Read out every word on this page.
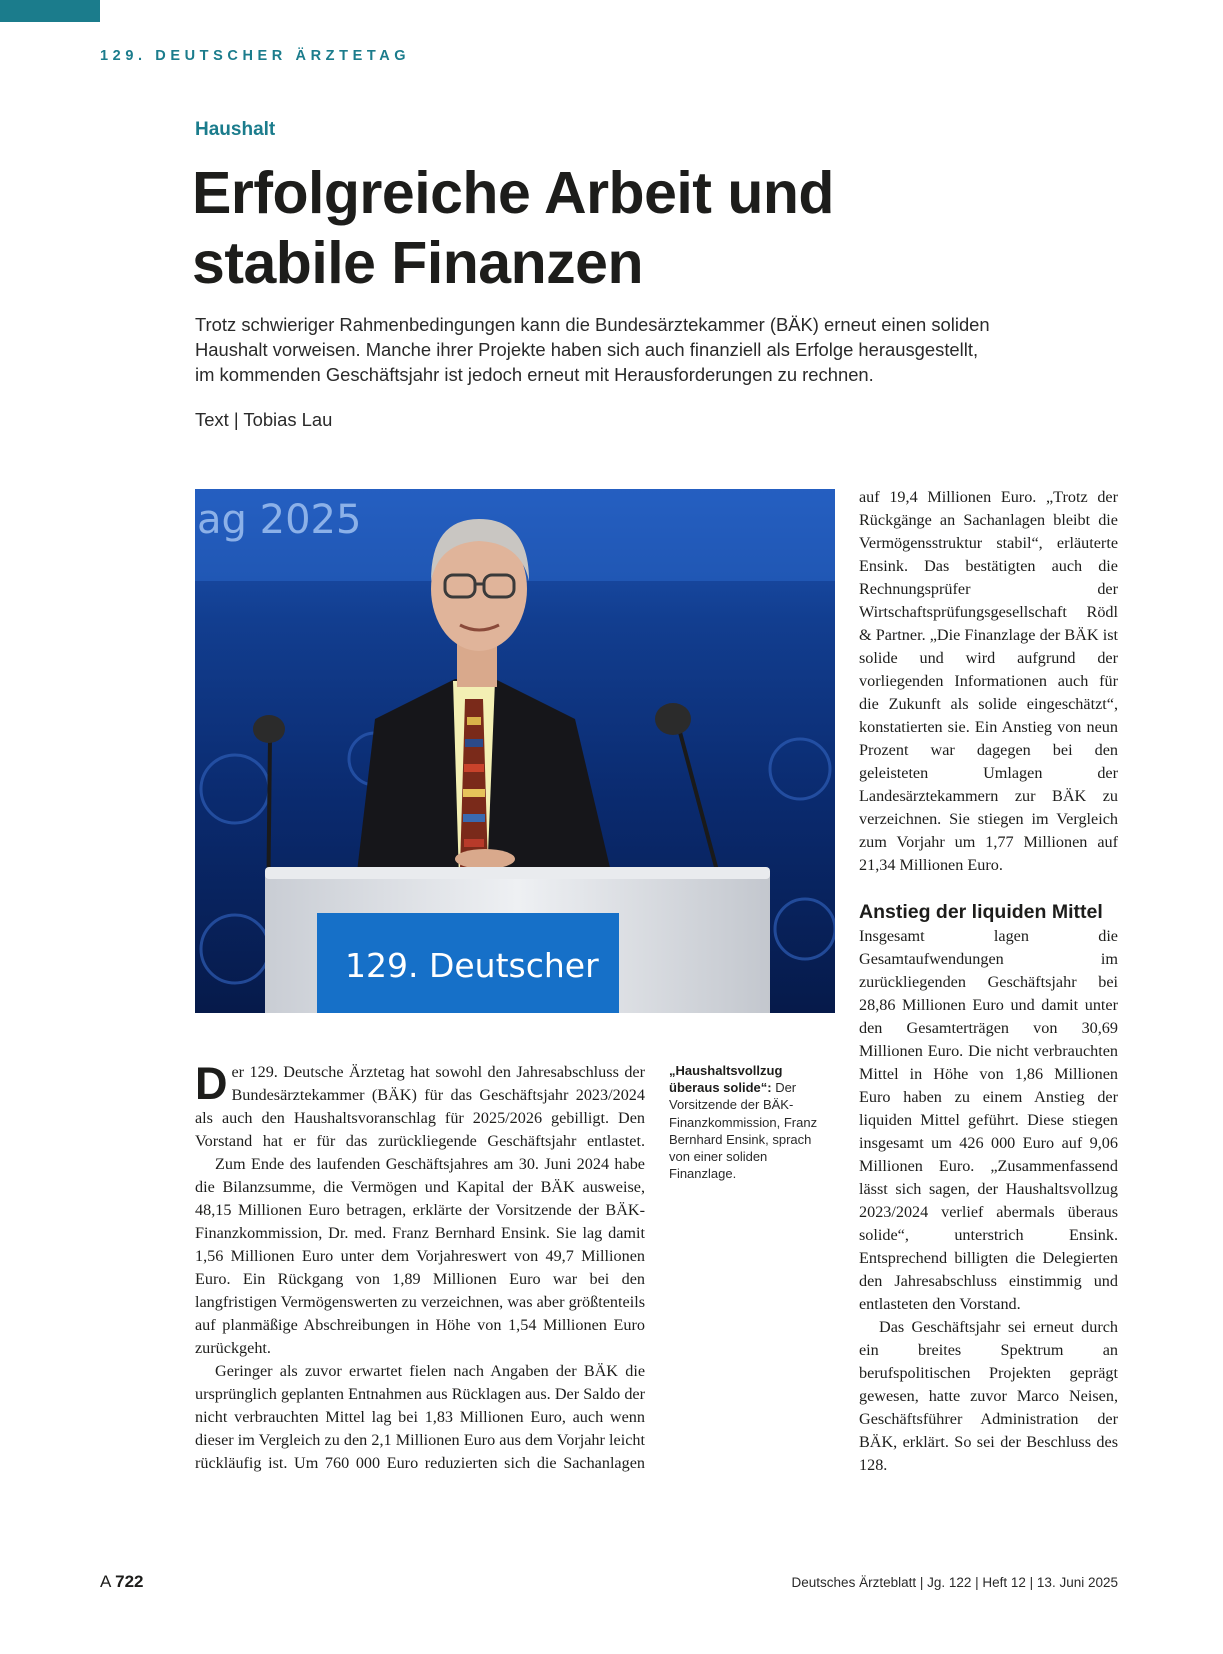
129. DEUTSCHER ÄRZTETAG
Haushalt
Erfolgreiche Arbeit und
stabile Finanzen
Trotz schwieriger Rahmenbedingungen kann die Bundesärztekammer (BÄK) erneut einen soliden
Haushalt vorweisen. Manche ihrer Projekte haben sich auch finanziell als Erfolge herausgestellt,
im kommenden Geschäftsjahr ist jedoch erneut mit Herausforderungen zu rechnen.
Text | Tobias Lau
ag 2025
129. Deutscher
„Haushaltsvollzug überaus solide“: Der Vorsitzende der BÄK-Finanzkommission, Franz Bernhard Ensink, sprach von einer soliden Finanzlage.

Der 129. Deutsche Ärztetag hat sowohl den Jahresabschluss der Bundesärztekammer (BÄK) für das Geschäftsjahr 2023/2024 als auch den Haushaltsvoranschlag für 2025/2026 gebilligt. Den Vorstand hat er für das zurückliegende Geschäftsjahr entlastet.

Zum Ende des laufenden Geschäftsjahres am 30. Juni 2024 habe die Bilanzsumme, die Vermögen und Kapital der BÄK ausweise, 48,15 Millionen Euro betragen, erklärte der Vorsitzende der BÄK-Finanzkommission, Dr. med. Franz Bernhard Ensink. Sie lag damit 1,56 Millionen Euro unter dem Vorjahreswert von 49,7 Millionen Euro. Ein Rückgang von 1,89 Millionen Euro war bei den langfristigen Vermögenswerten zu verzeichnen, was aber größtenteils auf planmäßige Abschreibungen in Höhe von 1,54 Millionen Euro zurückgeht.

Geringer als zuvor erwartet fielen nach Angaben der BÄK die ursprünglich geplanten Entnahmen aus Rücklagen aus. Der Saldo der nicht verbrauchten Mittel lag bei 1,83 Millionen Euro, auch wenn dieser im Vergleich zu den 2,1 Millionen Euro aus dem Vorjahr leicht rückläufig ist. Um 760 000 Euro reduzierten sich die Sachanlagen

auf 19,4 Millionen Euro. „Trotz der Rückgänge an Sachanlagen bleibt die Vermögensstruktur stabil“, erläuterte Ensink. Das bestätigten auch die Rechnungsprüfer der Wirtschaftsprüfungsgesellschaft Rödl & Partner. „Die Finanzlage der BÄK ist solide und wird aufgrund der vorliegenden Informationen auch für die Zukunft als solide eingeschätzt“, konstatierten sie. Ein Anstieg von neun Prozent war dagegen bei den geleisteten Umlagen der Landesärztekammern zur BÄK zu verzeichnen. Sie stiegen im Vergleich zum Vorjahr um 1,77 Millionen auf 21,34 Millionen Euro.

Anstieg der liquiden Mittel

Insgesamt lagen die Gesamtaufwendungen im zurückliegenden Geschäftsjahr bei 28,86 Millionen Euro und damit unter den Gesamterträgen von 30,69 Millionen Euro. Die nicht verbrauchten Mittel in Höhe von 1,86 Millionen Euro haben zu einem Anstieg der liquiden Mittel geführt. Diese stiegen insgesamt um 426 000 Euro auf 9,06 Millionen Euro. „Zusammenfassend lässt sich sagen, der Haushaltsvollzug 2023/2024 verlief abermals überaus solide“, unterstrich Ensink. Entsprechend billigten die Delegierten den Jahresabschluss einstimmig und entlasteten den Vorstand.

Das Geschäftsjahr sei erneut durch ein breites Spektrum an berufspolitischen Projekten geprägt gewesen, hatte zuvor Marco Neisen, Geschäftsführer Administration der BÄK, erklärt. So sei der Beschluss des 128.

A 722	Deutsches Ärzteblatt | Jg. 122 | Heft 12 | 13. Juni 2025
